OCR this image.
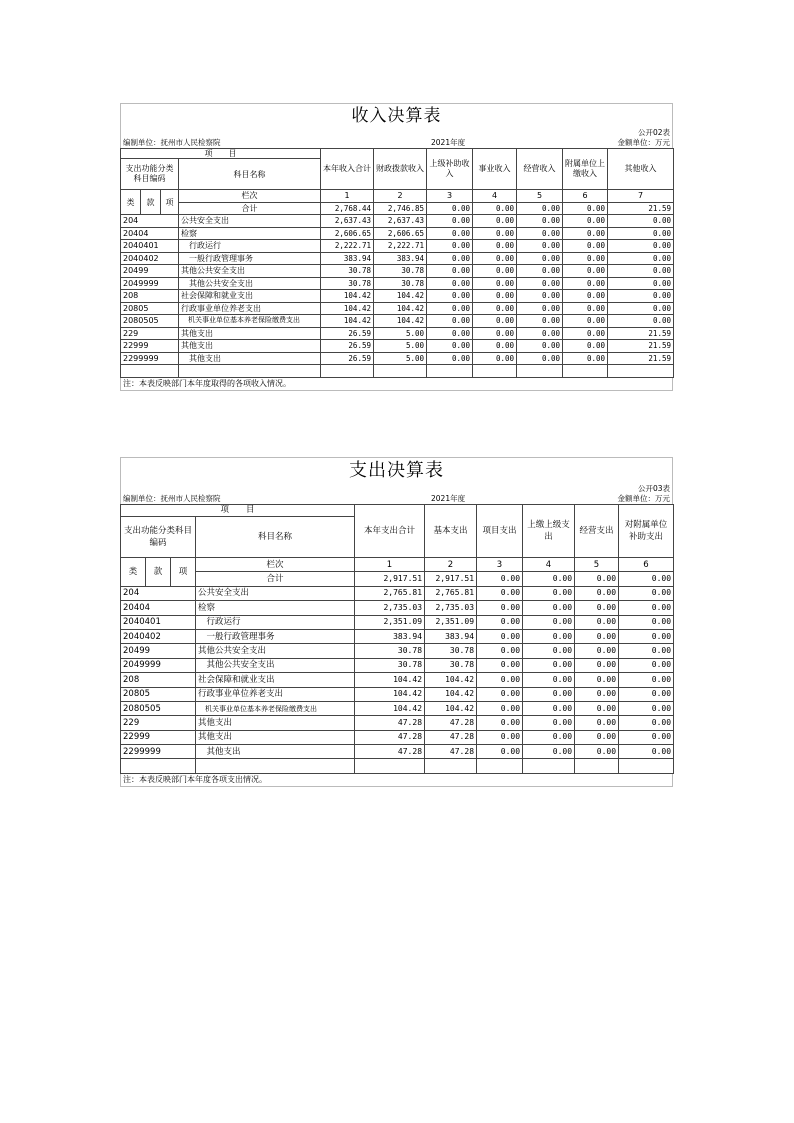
收入决算表
公开02表
编制单位：抚州市人民检察院	2021年度	金额单位：万元
项　　目				本年收入合计	财政拨款收入	上级补助收入	事业收入	经营收入	附属单位上缴收入	其他收入
支出功能分类科目编码			科目名称							
类	款	项	栏次	1	2	3	4	5	6	7
			合计	2,768.44	2,746.85	0.00	0.00	0.00	0.00	21.59
204			公共安全支出	2,637.43	2,637.43	0.00	0.00	0.00	0.00	0.00
20404			检察	2,606.65	2,606.65	0.00	0.00	0.00	0.00	0.00
2040401			　行政运行	2,222.71	2,222.71	0.00	0.00	0.00	0.00	0.00
2040402			　一般行政管理事务	383.94	383.94	0.00	0.00	0.00	0.00	0.00
20499			其他公共安全支出	30.78	30.78	0.00	0.00	0.00	0.00	0.00
2049999			　其他公共安全支出	30.78	30.78	0.00	0.00	0.00	0.00	0.00
208			社会保障和就业支出	104.42	104.42	0.00	0.00	0.00	0.00	0.00
20805			行政事业单位养老支出	104.42	104.42	0.00	0.00	0.00	0.00	0.00
2080505			　机关事业单位基本养老保险缴费支出	104.42	104.42	0.00	0.00	0.00	0.00	0.00
229			其他支出	26.59	5.00	0.00	0.00	0.00	0.00	21.59
22999			其他支出	26.59	5.00	0.00	0.00	0.00	0.00	21.59
2299999			　其他支出	26.59	5.00	0.00	0.00	0.00	0.00	21.59

注：本表反映部门本年度取得的各项收入情况。
支出决算表
公开03表
编制单位：抚州市人民检察院	2021年度	金额单位：万元
项　　目				本年支出合计	基本支出	项目支出	上缴上级支出	经营支出	对附属单位补助支出
支出功能分类科目编码			科目名称						
类	款	项	栏次	1	2	3	4	5	6
			合计	2,917.51	2,917.51	0.00	0.00	0.00	0.00
204			公共安全支出	2,765.81	2,765.81	0.00	0.00	0.00	0.00
20404			检察	2,735.03	2,735.03	0.00	0.00	0.00	0.00
2040401			　行政运行	2,351.09	2,351.09	0.00	0.00	0.00	0.00
2040402			　一般行政管理事务	383.94	383.94	0.00	0.00	0.00	0.00
20499			其他公共安全支出	30.78	30.78	0.00	0.00	0.00	0.00
2049999			　其他公共安全支出	30.78	30.78	0.00	0.00	0.00	0.00
208			社会保障和就业支出	104.42	104.42	0.00	0.00	0.00	0.00
20805			行政事业单位养老支出	104.42	104.42	0.00	0.00	0.00	0.00
2080505			　机关事业单位基本养老保险缴费支出	104.42	104.42	0.00	0.00	0.00	0.00
229			其他支出	47.28	47.28	0.00	0.00	0.00	0.00
22999			其他支出	47.28	47.28	0.00	0.00	0.00	0.00
2299999			　其他支出	47.28	47.28	0.00	0.00	0.00	0.00

注：本表反映部门本年度各项支出情况。
